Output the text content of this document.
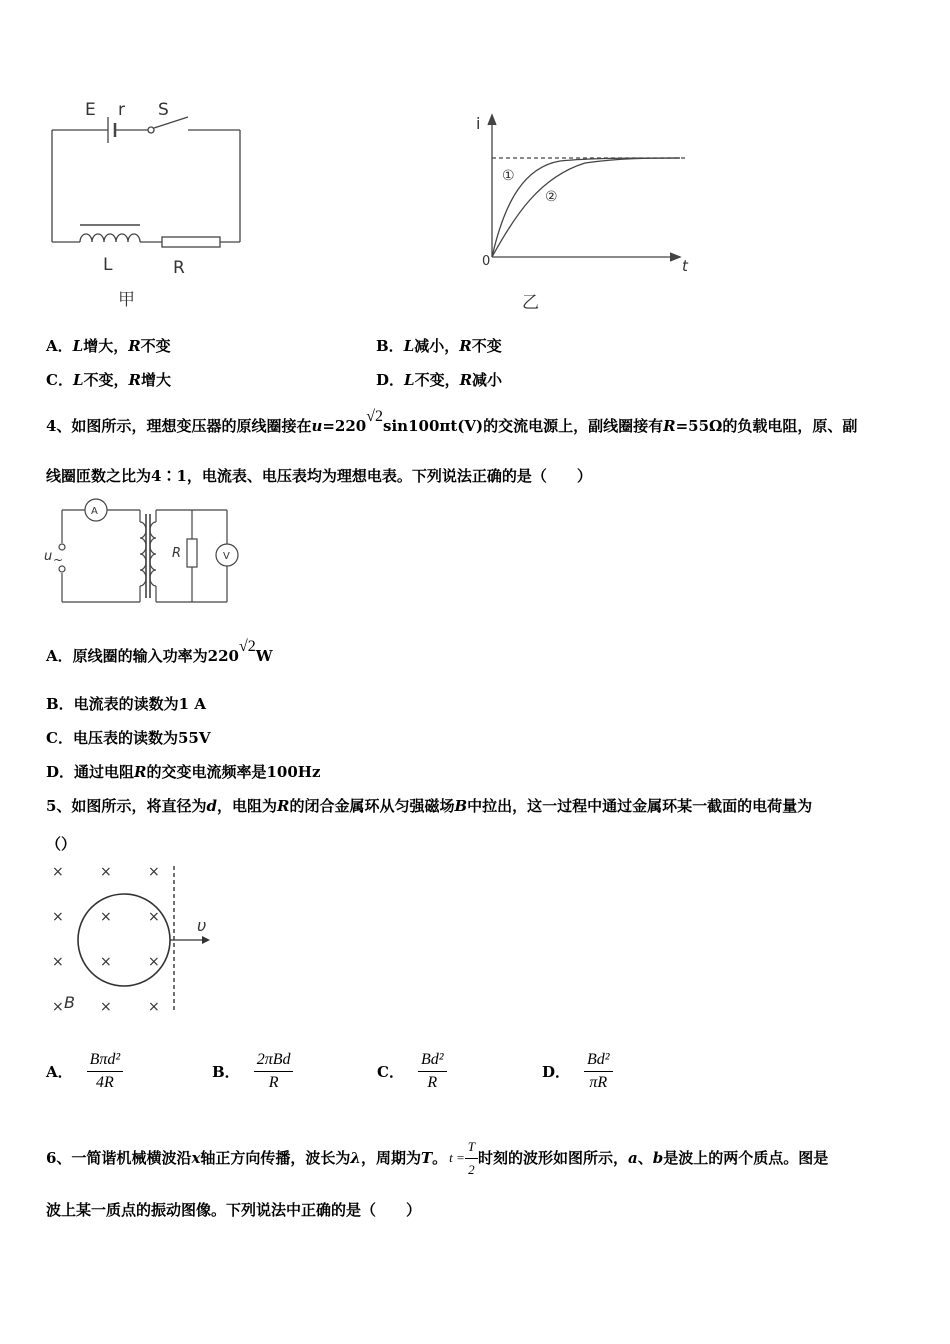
E r S
L	R
甲
i
t
0
①
②
乙
A．L增大，R不变	B．L减小，R不变
C．L不变，R增大	D．L不变，R减小
4、如图所示，理想变压器的原线圈接在u=220√2sin100πt(V)的交流电源上，副线圈接有R=55Ω的负载电阻，原、副
线圈匝数之比为4∶1，电流表、电压表均为理想电表。下列说法正确的是（　　）
A
V
u ~	R
A．原线圈的输入功率为220√2W
B．电流表的读数为1 A
C．电压表的读数为55V
D．通过电阻R的交变电流频率是100Hz
5、如图所示，将直径为d，电阻为R的闭合金属环从匀强磁场B中拉出，这一过程中通过金属环某一截面的电荷量为
（）
×	×	×
×	×	×
×	×	×
×	×	×
υ
B
A． $\frac{\text{Bπd²}}{4R}$	B． $\frac{\text{2πBd}}{R}$	C． $\frac{\text{Bd²}}{R}$	D． $\frac{\text{Bd²}}{\pi R}$
6、一简谐机械横波沿 x 轴正方向传播，波长为 λ ，周期为 T 。 $t = \frac{T}{2}$ 时刻的波形如图所示， a 、 b 是波上的两个质点。图是
波上某一质点的振动图像。下列说法中正确的是（　　）
